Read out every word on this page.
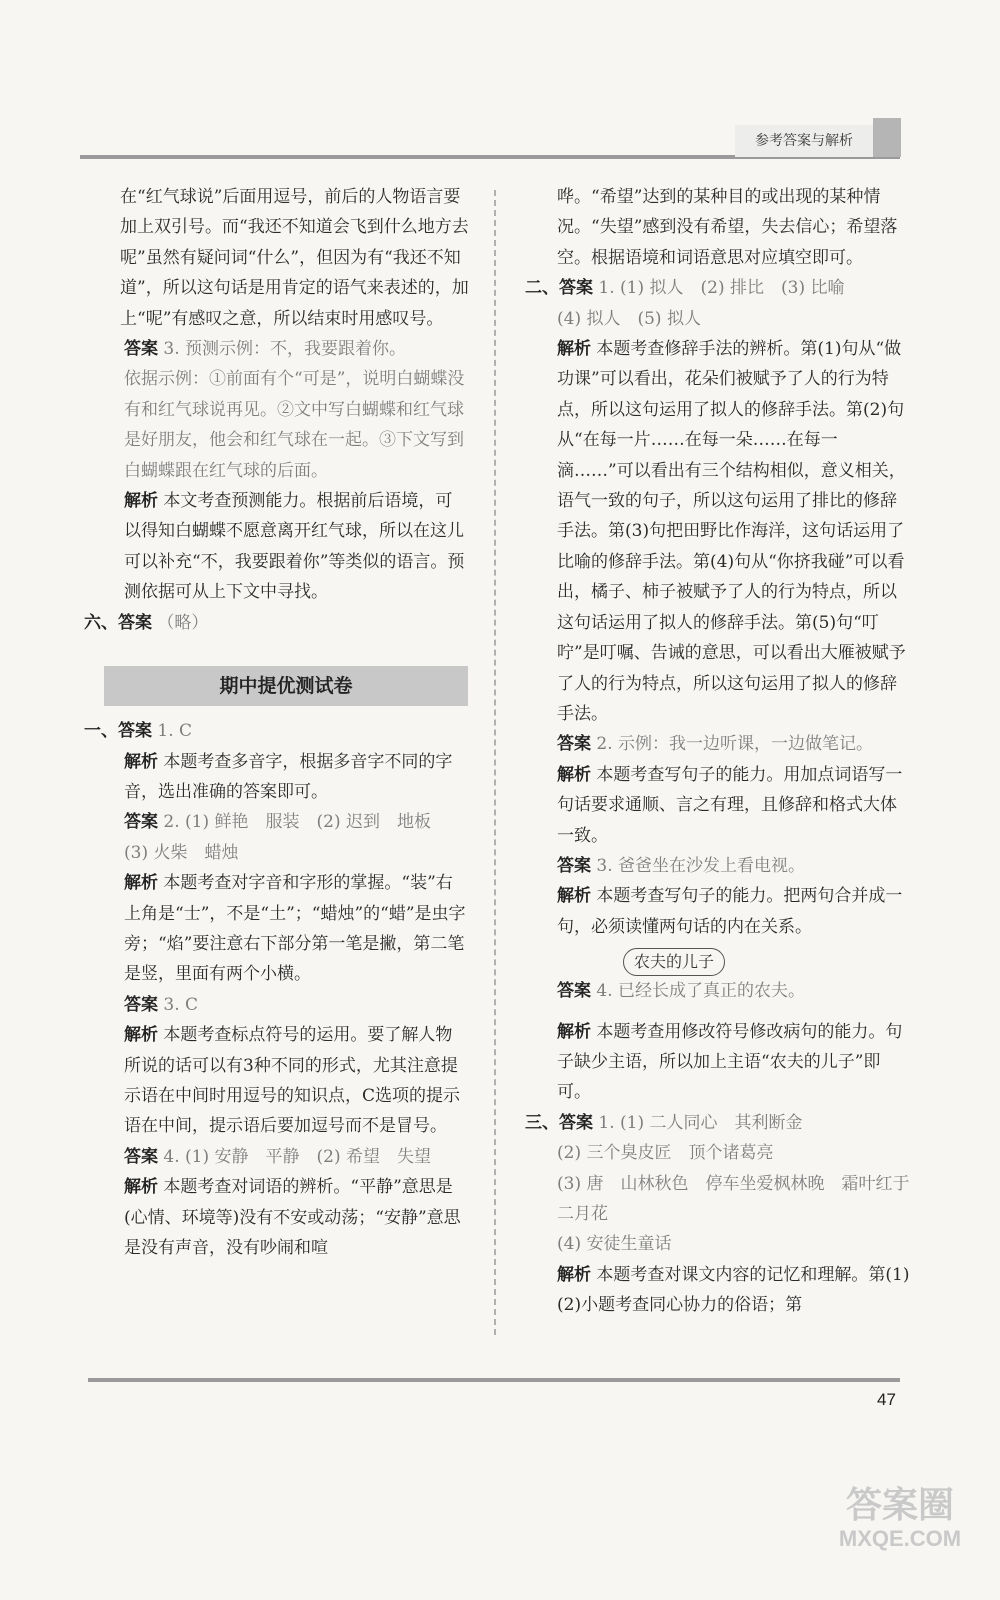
参考答案与解析

在“红气球说”后面用逗号，前后的人物语言要加上双引号。而“我还不知道会飞到什么地方去呢”虽然有疑问词“什么”，但因为有“我还不知道”，所以这句话是用肯定的语气来表述的，加上“呢”有感叹之意，所以结束时用感叹号。

答案 3. 预测示例：不，我要跟着你。

依据示例：①前面有个“可是”，说明白蝴蝶没有和红气球说再见。②文中写白蝴蝶和红气球是好朋友，他会和红气球在一起。③下文写到白蝴蝶跟在红气球的后面。

解析 本文考查预测能力。根据前后语境，可以得知白蝴蝶不愿意离开红气球，所以在这儿可以补充“不，我要跟着你”等类似的语言。预测依据可从上下文中寻找。

六、答案 （略）

期中提优测试卷

一、答案 1. C

解析 本题考查多音字，根据多音字不同的字音，选出准确的答案即可。

答案 2. (1) 鲜艳　服装　(2) 迟到　地板

(3) 火柴　蜡烛

解析 本题考查对字音和字形的掌握。“装”右上角是“士”，不是“土”；“蜡烛”的“蜡”是虫字旁；“焰”要注意右下部分第一笔是撇，第二笔是竖，里面有两个小横。

答案 3. C

解析 本题考查标点符号的运用。要了解人物所说的话可以有3种不同的形式，尤其注意提示语在中间时用逗号的知识点，C选项的提示语在中间，提示语后要加逗号而不是冒号。

答案 4. (1) 安静　平静　(2) 希望　失望

解析 本题考查对词语的辨析。“平静”意思是(心情、环境等)没有不安或动荡；“安静”意思是没有声音，没有吵闹和喧

哗。“希望”达到的某种目的或出现的某种情况。“失望”感到没有希望，失去信心；希望落空。根据语境和词语意思对应填空即可。

二、答案 1. (1) 拟人　(2) 排比　(3) 比喻

(4) 拟人　(5) 拟人

解析 本题考查修辞手法的辨析。第(1)句从“做功课”可以看出，花朵们被赋予了人的行为特点，所以这句运用了拟人的修辞手法。第(2)句从“在每一片……在每一朵……在每一滴……”可以看出有三个结构相似，意义相关，语气一致的句子，所以这句运用了排比的修辞手法。第(3)句把田野比作海洋，这句话运用了比喻的修辞手法。第(4)句从“你挤我碰”可以看出，橘子、柿子被赋予了人的行为特点，所以这句话运用了拟人的修辞手法。第(5)句“叮咛”是叮嘱、告诫的意思，可以看出大雁被赋予了人的行为特点，所以这句运用了拟人的修辞手法。

答案 2. 示例：我一边听课，一边做笔记。

解析 本题考查写句子的能力。用加点词语写一句话要求通顺、言之有理，且修辞和格式大体一致。

答案 3. 爸爸坐在沙发上看电视。

解析 本题考查写句子的能力。把两句合并成一句，必须读懂两句话的内在关系。

农夫的儿子

答案 4. 已经长成了真正的农夫。

解析 本题考查用修改符号修改病句的能力。句子缺少主语，所以加上主语“农夫的儿子”即可。

三、答案 1. (1) 二人同心　其利断金

(2) 三个臭皮匠　顶个诸葛亮

(3) 唐　山林秋色　停车坐爱枫林晚　霜叶红于二月花

(4) 安徒生童话

解析 本题考查对课文内容的记忆和理解。第(1)(2)小题考查同心协力的俗语；第

47
答案圈
MXQE.COM
